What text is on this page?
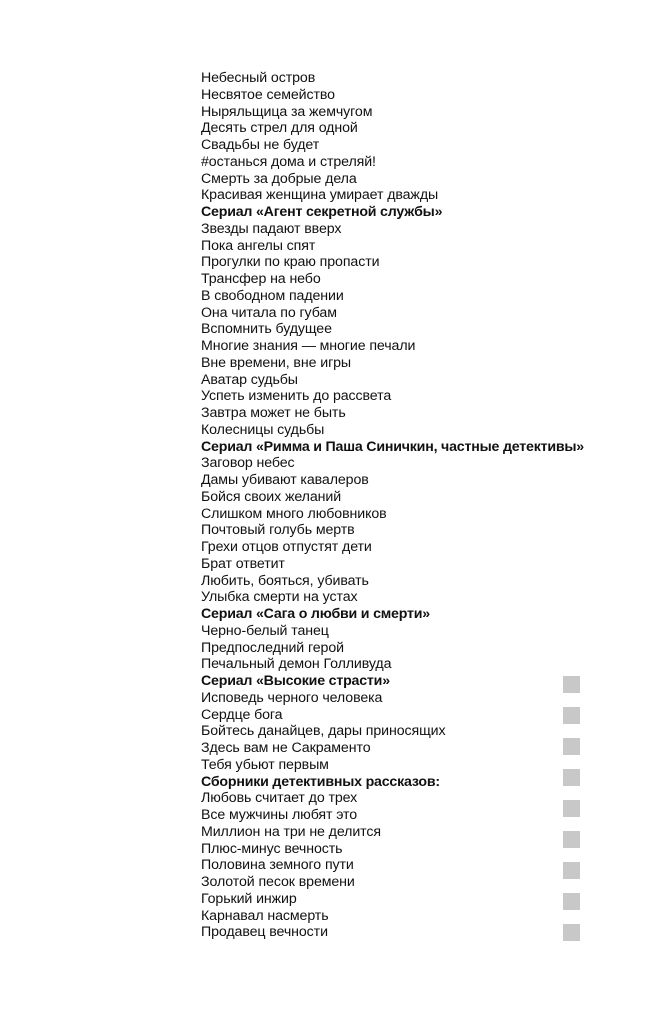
Небесный остров
Несвятое семейство
Ныряльщица за жемчугом
Десять стрел для одной
Свадьбы не будет
#останься дома и стреляй!
Смерть за добрые дела
Красивая женщина умирает дважды
Сериал «Агент секретной службы»
Звезды падают вверх
Пока ангелы спят
Прогулки по краю пропасти
Трансфер на небо
В свободном падении
Она читала по губам
Вспомнить будущее
Многие знания — многие печали
Вне времени, вне игры
Аватар судьбы
Успеть изменить до рассвета
Завтра может не быть
Колесницы судьбы
Сериал «Римма и Паша Синичкин, частные детективы»
Заговор небес
Дамы убивают кавалеров
Бойся своих желаний
Слишком много любовников
Почтовый голубь мертв
Грехи отцов отпустят дети
Брат ответит
Любить, бояться, убивать
Улыбка смерти на устах
Сериал «Сага о любви и смерти»
Черно-белый танец
Предпоследний герой
Печальный демон Голливуда
Сериал «Высокие страсти»
Исповедь черного человека
Сердце бога
Бойтесь данайцев, дары приносящих
Здесь вам не Сакраменто
Тебя убьют первым
Сборники детективных рассказов:
Любовь считает до трех
Все мужчины любят это
Миллион на три не делится
Плюс-минус вечность
Половина земного пути
Золотой песок времени
Горький инжир
Карнавал насмерть
Продавец вечности
